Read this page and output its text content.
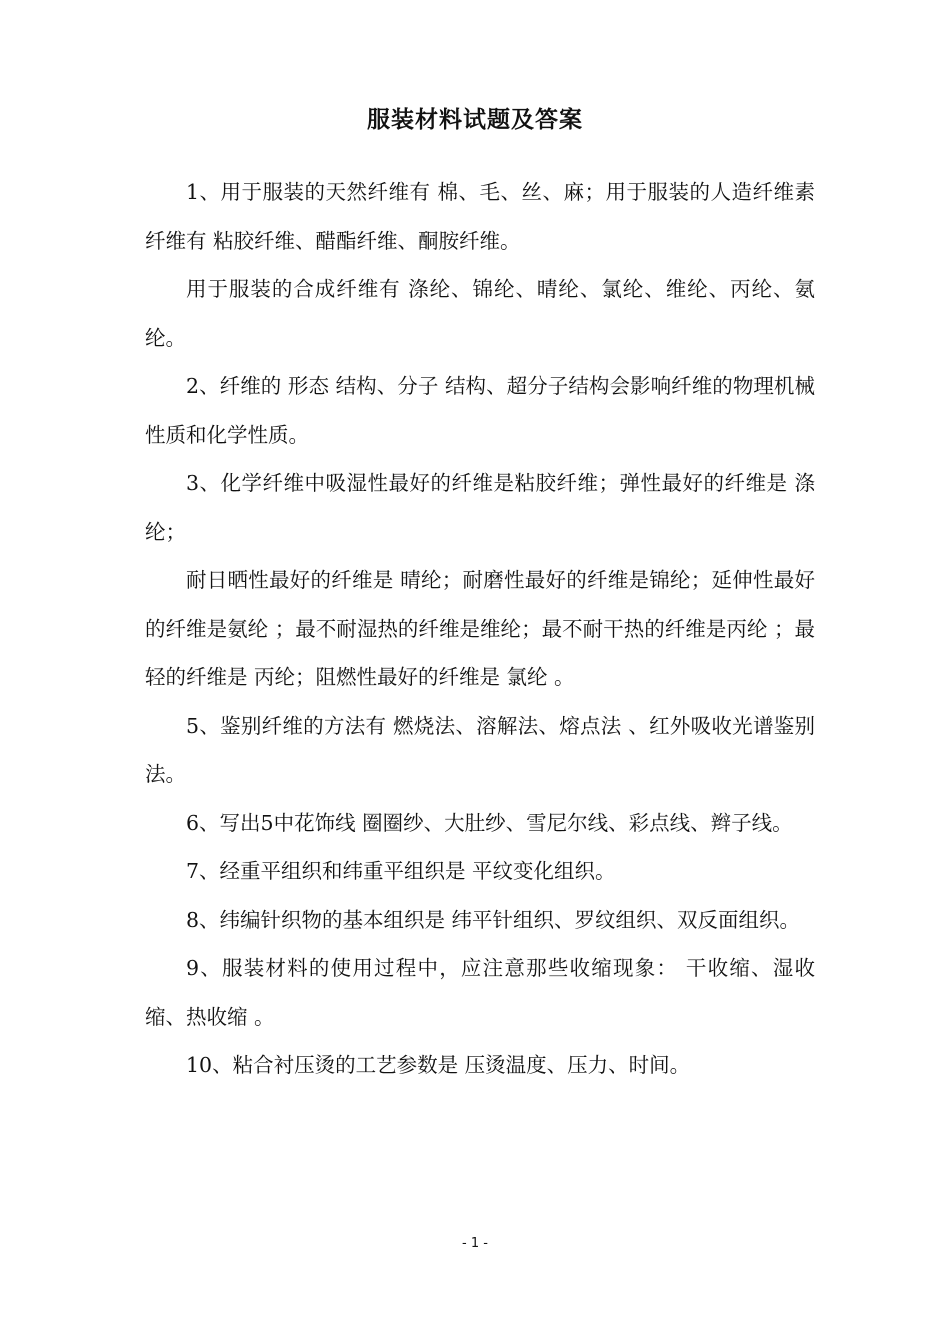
服装材料试题及答案

1、用于服装的天然纤维有 棉、毛、丝、麻；用于服装的人造纤维素纤维有 粘胶纤维、醋酯纤维、酮胺纤维。

用于服装的合成纤维有 涤纶、锦纶、晴纶、氯纶、维纶、丙纶、氨纶。

2、纤维的 形态 结构、分子 结构、超分子结构会影响纤维的物理机械性质和化学性质。

3、化学纤维中吸湿性最好的纤维是粘胶纤维；弹性最好的纤维是 涤纶；

耐日晒性最好的纤维是 晴纶；耐磨性最好的纤维是锦纶；延伸性最好的纤维是氨纶 ；最不耐湿热的纤维是维纶；最不耐干热的纤维是丙纶 ；最轻的纤维是 丙纶；阻燃性最好的纤维是 氯纶 。

5、鉴别纤维的方法有 燃烧法、溶解法、熔点法 、红外吸收光谱鉴别法。

6、写出5中花饰线 圈圈纱、大肚纱、雪尼尔线、彩点线、辫子线。

7、经重平组织和纬重平组织是 平纹变化组织。

8、纬编针织物的基本组织是 纬平针组织、罗纹组织、双反面组织。

9、服装材料的使用过程中，应注意那些收缩现象： 干收缩、湿收缩、热收缩 。

10、粘合衬压烫的工艺参数是 压烫温度、压力、时间。

- 1 -
